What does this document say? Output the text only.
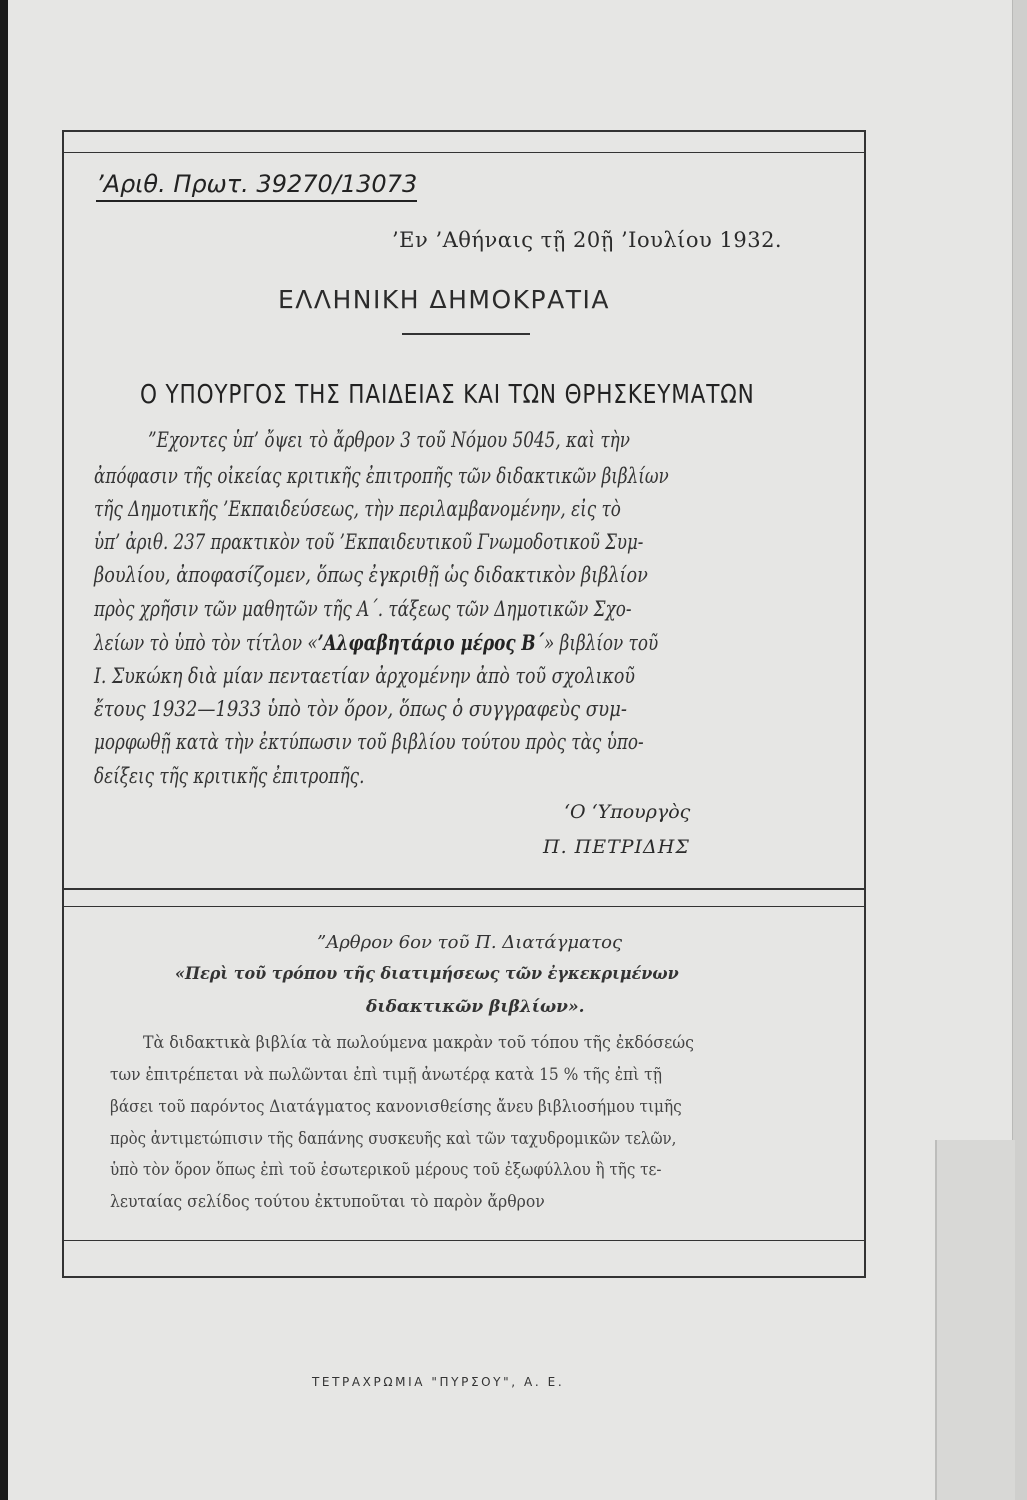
’Αριθ. Πρωτ. 39270/13073
’Εν ’Αθήναις τῇ 20ῇ ’Ιουλίου 1932.
ΕΛΛΗΝΙΚΗ ΔΗΜΟΚΡΑΤΙΑ
Ο ΥΠΟΥΡΓΟΣ ΤΗΣ ΠΑΙΔΕΙΑΣ ΚΑΙ ΤΩΝ ΘΡΗΣΚΕΥΜΑΤΩΝ
”Εχοντες ὑπ’ ὄψει τὸ ἄρθρον 3 τοῦ Νόμου 5045, καὶ τὴν
ἀπόφασιν τῆς οἰκείας κριτικῆς ἐπιτροπῆς τῶν διδακτικῶν βιβλίων
τῆς Δημοτικῆς ’Εκπαιδεύσεως, τὴν περιλαμβανομένην, εἰς τὸ
ὑπ’ ἀριθ. 237 πρακτικὸν τοῦ ’Εκπαιδευτικοῦ Γνωμοδοτικοῦ Συμ-
βουλίου, ἀποφασίζομεν, ὅπως ἐγκριθῇ ὡς διδακτικὸν βιβλίον
πρὸς χρῆσιν τῶν μαθητῶν τῆς Α΄. τάξεως τῶν Δημοτικῶν Σχο-
λείων τὸ ὑπὸ τὸν τίτλον «’Αλφαβητάριο μέρος Β΄» βιβλίον τοῦ
Ι. Συκώκη διὰ μίαν πενταετίαν ἀρχομένην ἀπὸ τοῦ σχολικοῦ
ἔτους 1932—1933 ὑπὸ τὸν ὅρον, ὅπως ὁ συγγραφεὺς συμ-
μορφωθῇ κατὰ τὴν ἐκτύπωσιν τοῦ βιβλίου τούτου πρὸς τὰς ὑπο-
δείξεις τῆς κριτικῆς ἐπιτροπῆς.
‘Ο ‘Υπουργὸς
Π. ΠΕΤΡΙΔΗΣ
”Αρθρον 6ον τοῦ Π. Διατάγματος
«Περὶ τοῦ τρόπου τῆς διατιμήσεως τῶν ἐγκεκριμένων
διδακτικῶν βιβλίων».
Τὰ διδακτικὰ βιβλία τὰ πωλούμενα μακρὰν τοῦ τόπου τῆς ἐκδόσεώς
των ἐπιτρέπεται νὰ πωλῶνται ἐπὶ τιμῇ ἀνωτέρᾳ κατὰ 15 % τῆς ἐπὶ τῇ
βάσει τοῦ παρόντος Διατάγματος κανονισθείσης ἄνευ βιβλιοσήμου τιμῆς
πρὸς ἀντιμετώπισιν τῆς δαπάνης συσκευῆς καὶ τῶν ταχυδρομικῶν τελῶν,
ὑπὸ τὸν ὅρον ὅπως ἐπὶ τοῦ ἐσωτερικοῦ μέρους τοῦ ἐξωφύλλου ἢ τῆς τε-
λευταίας σελίδος τούτου ἐκτυποῦται τὸ παρὸν ἄρθρον
ΤΕΤΡΑΧΡΩΜΙΑ "ΠΥΡΣΟΥ", Α. Ε.
